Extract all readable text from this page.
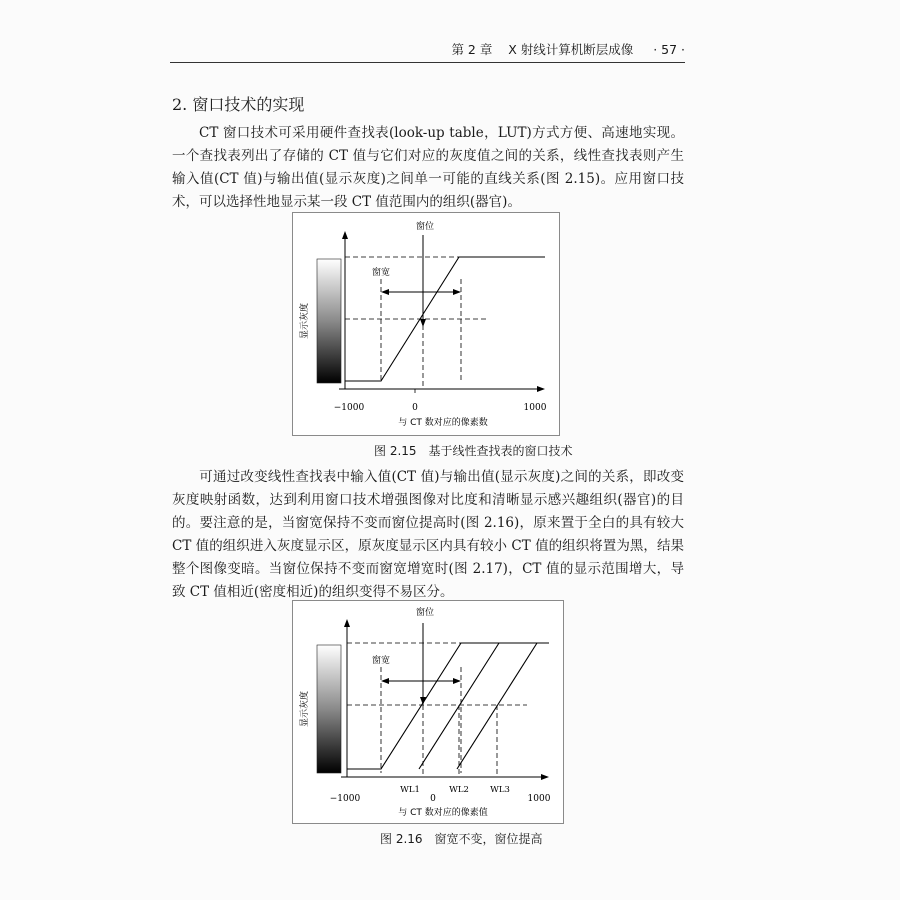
第 2 章 X 射线计算机断层成像 · 57 ·
2. 窗口技术的实现
CT 窗口技术可采用硬件查找表(look-up table，LUT)方式方便、高速地实现。一个查找表列出了存储的 CT 值与它们对应的灰度值之间的关系，线性查找表则产生输入值(CT 值)与输出值(显示灰度)之间单一可能的直线关系(图 2.15)。应用窗口技术，可以选择性地显示某一段 CT 值范围内的组织(器官)。
显示灰度
窗位
窗宽
−1000	0	1000
与 CT 数对应的像素数
图 2.15 基于线性查找表的窗口技术
可通过改变线性查找表中输入值(CT 值)与输出值(显示灰度)之间的关系，即改变灰度映射函数，达到利用窗口技术增强图像对比度和清晰显示感兴趣组织(器官)的目的。要注意的是，当窗宽保持不变而窗位提高时(图 2.16)，原来置于全白的具有较大 CT 值的组织进入灰度显示区，原灰度显示区内具有较小 CT 值的组织将置为黑，结果整个图像变暗。当窗位保持不变而窗宽增宽时(图 2.17)，CT 值的显示范围增大，导致 CT 值相近(密度相近)的组织变得不易区分。
显示灰度
窗位
窗宽
WL1	WL2 WL3
−1000	0	1000
与 CT 数对应的像素值
图 2.16 窗宽不变，窗位提高
